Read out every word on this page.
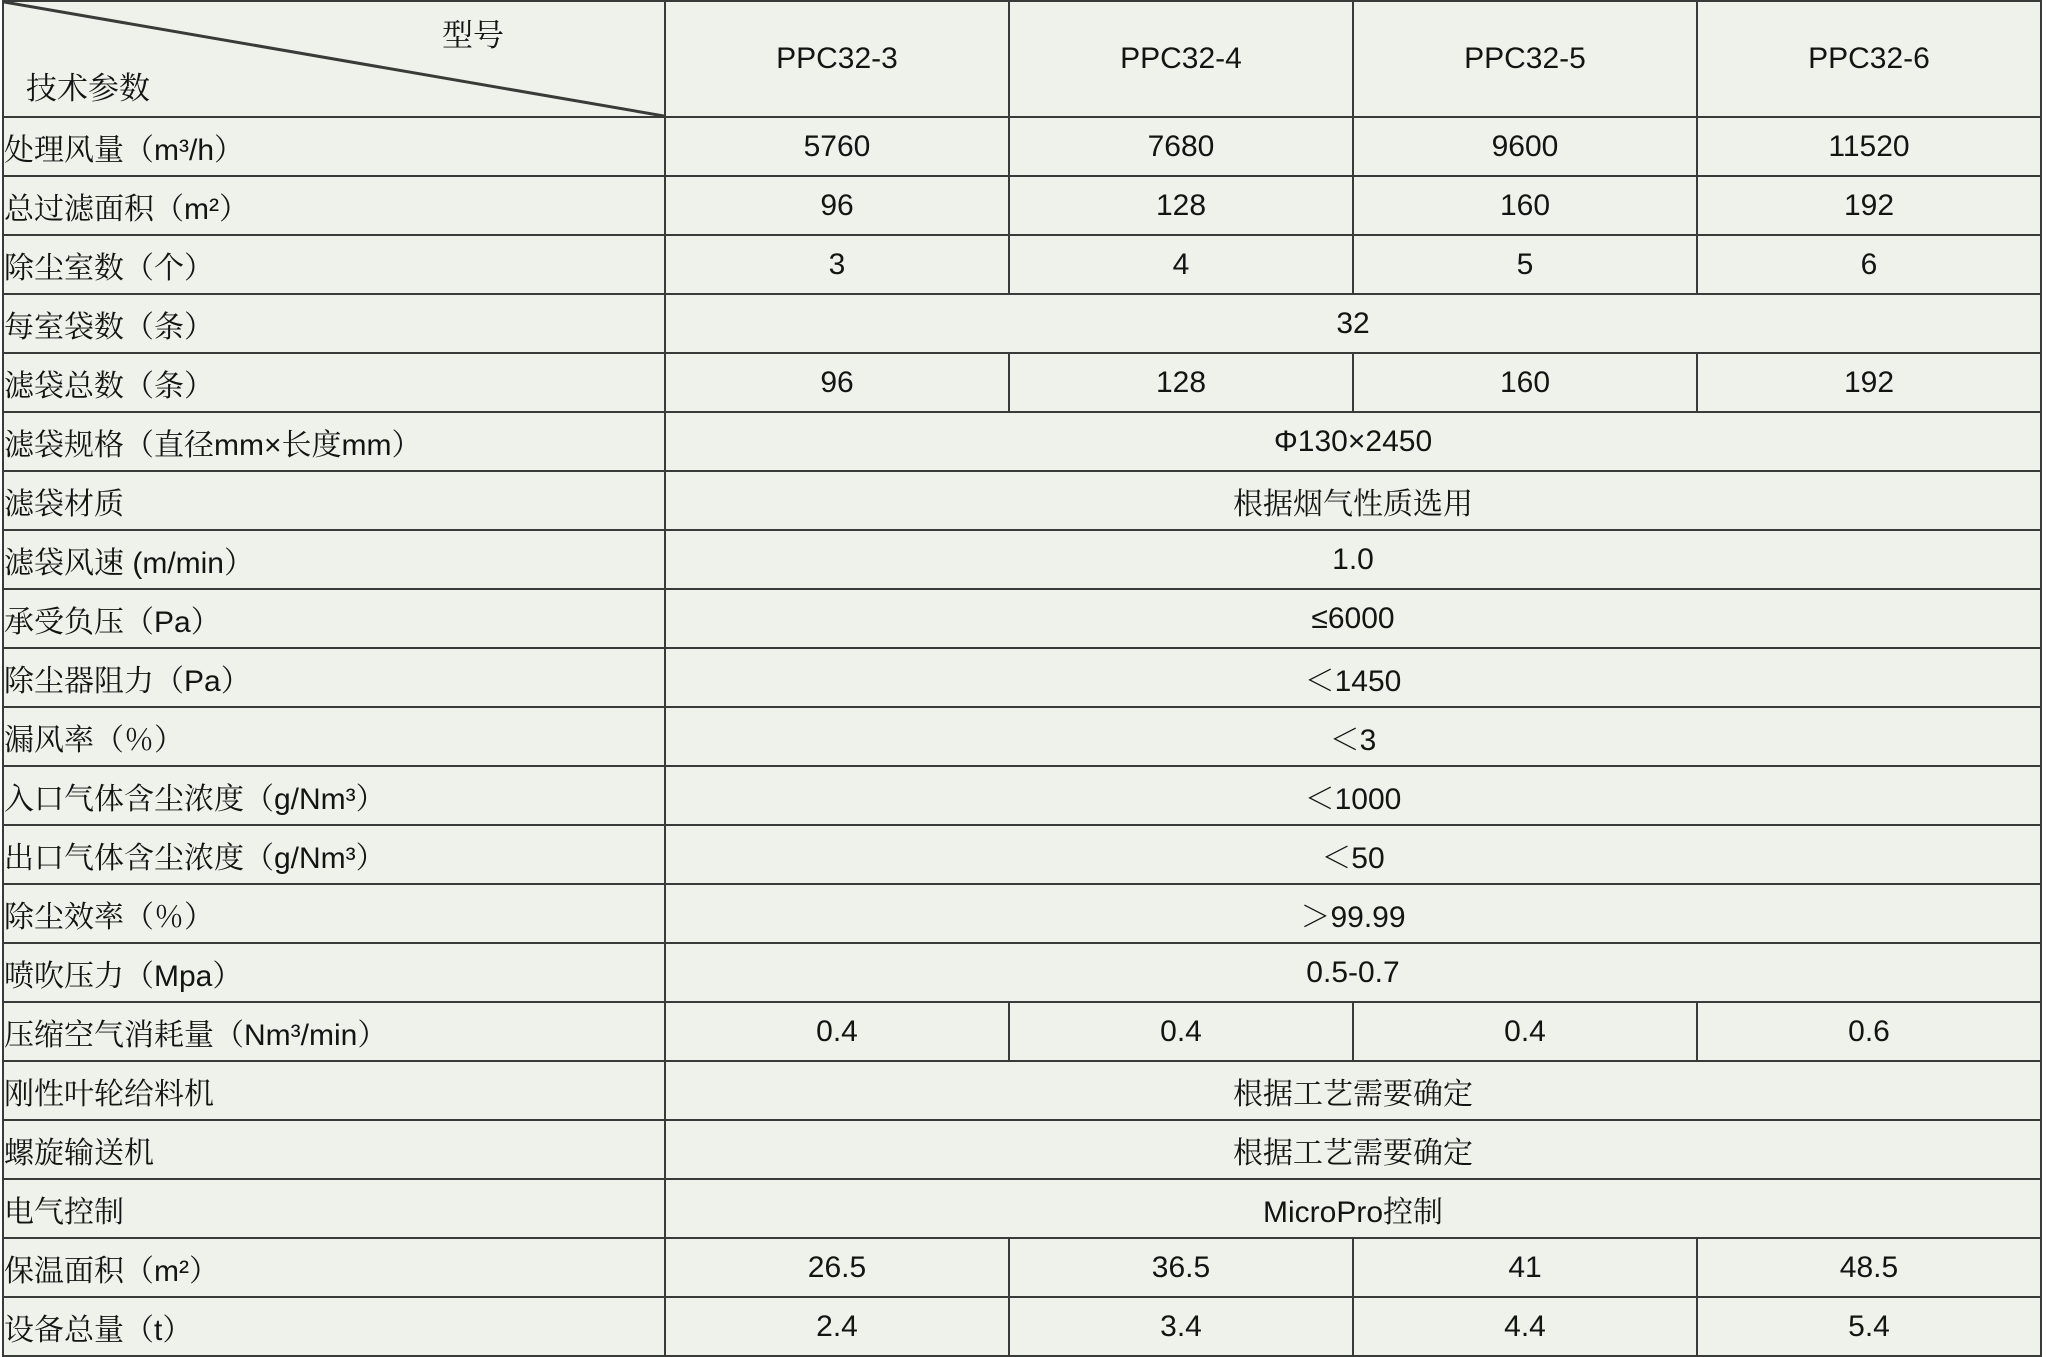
型号
技术参数	PPC32-3	PPC32-4	PPC32-5	PPC32-6
处理风量（m³/h）	5760	7680	9600	11520
总过滤面积（m²）	96	128	160	192
除尘室数（个）	3	4	5	6
每室袋数（条）	32			
滤袋总数（条）	96	128	160	192
滤袋规格（直径mm×长度mm）	Φ130×2450			
滤袋材质	根据烟气性质选用			
滤袋风速 (m/min）	1.0			
承受负压（Pa）	≤6000			
除尘器阻力（Pa）	＜1450			
漏风率（％）	＜3			
入口气体含尘浓度（g/Nm³）	＜1000			
出口气体含尘浓度（g/Nm³）	＜50			
除尘效率（％）	＞99.99			
喷吹压力（Mpa）	0.5-0.7			
压缩空气消耗量（Nm³/min）	0.4	0.4	0.4	0.6
刚性叶轮给料机	根据工艺需要确定			
螺旋输送机	根据工艺需要确定			
电气控制	MicroPro控制			
保温面积（m²）	26.5	36.5	41	48.5
设备总量（t）	2.4	3.4	4.4	5.4
